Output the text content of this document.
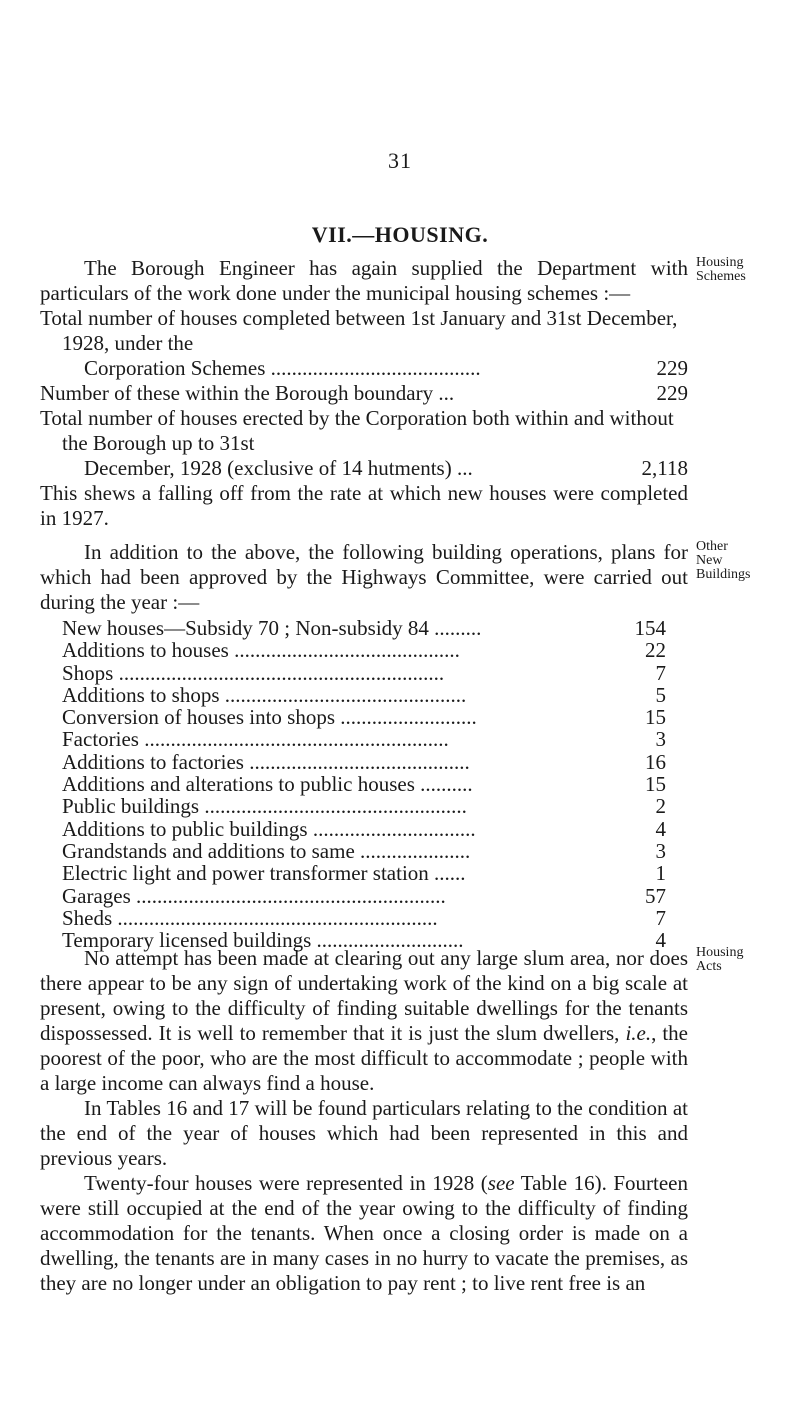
31
VII.—HOUSING.
Housing
Schemes
Other
New
Buildings
Housing
Acts

The Borough Engineer has again supplied the Department with particulars of the work done under the municipal housing schemes :—

Total number of houses completed between 1st January and 31st December, 1928, under the
Corporation Schemes ........................................	229
Number of these within the Borough boundary ...	229
Total number of houses erected by the Corporation both within and without the Borough up to 31st
December, 1928 (exclusive of 14 hutments) ...	2,118

This shews a falling off from the rate at which new houses were completed in 1927.

In addition to the above, the following building operations, plans for which had been approved by the Highways Committee, were carried out during the year :—

New houses—Subsidy 70 ; Non-subsidy 84 .........	154
Additions to houses ...........................................	22
Shops ..............................................................	7
Additions to shops ..............................................	5
Conversion of houses into shops ..........................	15
Factories ..........................................................	3
Additions to factories ..........................................	16
Additions and alterations to public houses ..........	15
Public buildings ..................................................	2
Additions to public buildings ...............................	4
Grandstands and additions to same .....................	3
Electric light and power transformer station ......	1
Garages ...........................................................	57
Sheds .............................................................	7
Temporary licensed buildings ............................	4

No attempt has been made at clearing out any large slum area, nor does there appear to be any sign of undertaking work of the kind on a big scale at present, owing to the difficulty of finding suitable dwellings for the tenants dispossessed. It is well to remember that it is just the slum dwellers, i.e., the poorest of the poor, who are the most difficult to accommodate ; people with a large income can always find a house.

In Tables 16 and 17 will be found particulars relating to the condition at the end of the year of houses which had been represented in this and previous years.

Twenty-four houses were represented in 1928 (see Table 16). Fourteen were still occupied at the end of the year owing to the difficulty of finding accommodation for the tenants. When once a closing order is made on a dwelling, the tenants are in many cases in no hurry to vacate the premises, as they are no longer under an obligation to pay rent ; to live rent free is an
